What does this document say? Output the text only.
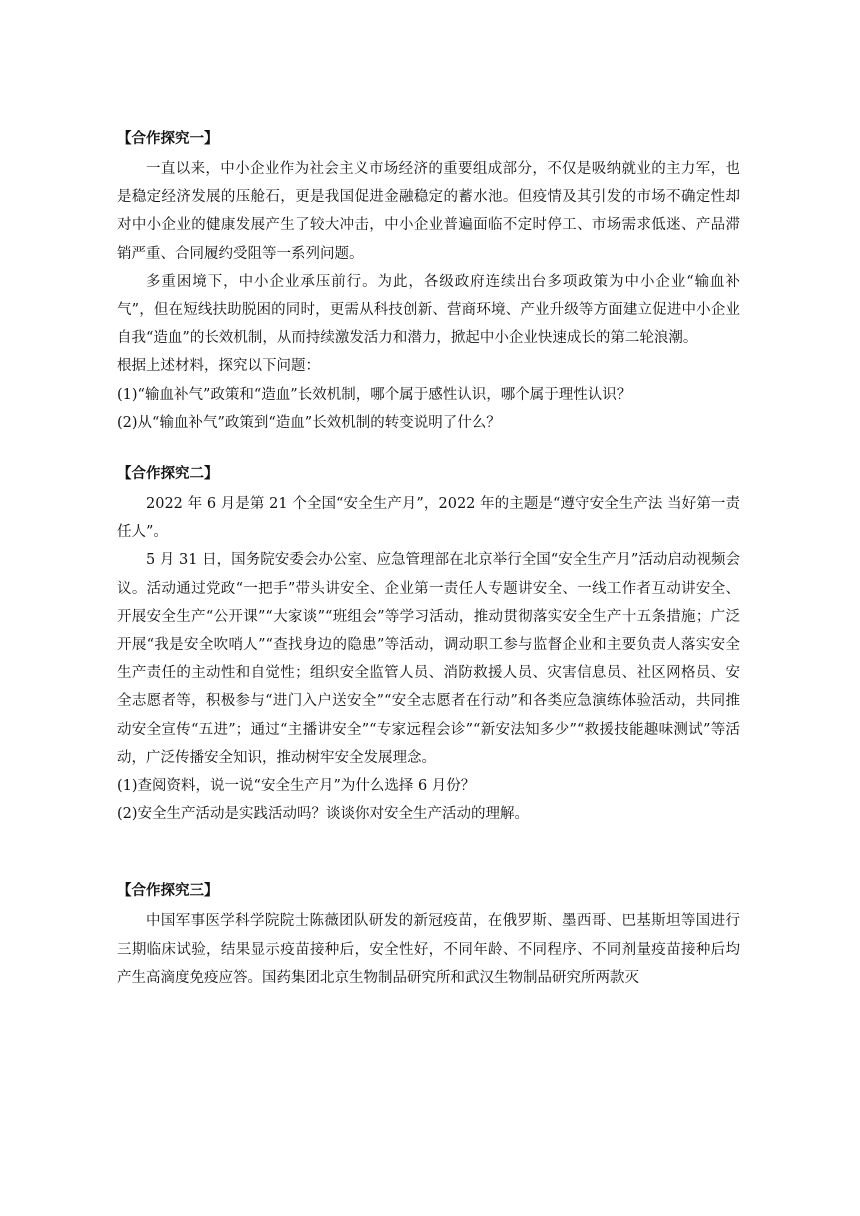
【合作探究一】

一直以来，中小企业作为社会主义市场经济的重要组成部分，不仅是吸纳就业的主力军，也是稳定经济发展的压舱石，更是我国促进金融稳定的蓄水池。但疫情及其引发的市场不确定性却对中小企业的健康发展产生了较大冲击，中小企业普遍面临不定时停工、市场需求低迷、产品滞销严重、合同履约受阻等一系列问题。

多重困境下，中小企业承压前行。为此，各级政府连续出台多项政策为中小企业“输血补气”，但在短线扶助脱困的同时，更需从科技创新、营商环境、产业升级等方面建立促进中小企业自我“造血”的长效机制，从而持续激发活力和潜力，掀起中小企业快速成长的第二轮浪潮。

根据上述材料，探究以下问题：

(1)“输血补气”政策和“造血”长效机制，哪个属于感性认识，哪个属于理性认识？

(2)从“输血补气”政策到“造血”长效机制的转变说明了什么？

【合作探究二】

2022 年 6 月是第 21 个全国“安全生产月”，2022 年的主题是“遵守安全生产法 当好第一责任人”。

5 月 31 日，国务院安委会办公室、应急管理部在北京举行全国“安全生产月”活动启动视频会议。活动通过党政“一把手”带头讲安全、企业第一责任人专题讲安全、一线工作者互动讲安全、开展安全生产“公开课”“大家谈”“班组会”等学习活动，推动贯彻落实安全生产十五条措施；广泛开展“我是安全吹哨人”“查找身边的隐患”等活动，调动职工参与监督企业和主要负责人落实安全生产责任的主动性和自觉性；组织安全监管人员、消防救援人员、灾害信息员、社区网格员、安全志愿者等，积极参与“进门入户送安全”“安全志愿者在行动”和各类应急演练体验活动，共同推动安全宣传“五进”；通过“主播讲安全”“专家远程会诊”“新安法知多少”“救援技能趣味测试”等活动，广泛传播安全知识，推动树牢安全发展理念。

(1)查阅资料，说一说“安全生产月”为什么选择 6 月份？

(2)安全生产活动是实践活动吗？谈谈你对安全生产活动的理解。

【合作探究三】

中国军事医学科学院院士陈薇团队研发的新冠疫苗，在俄罗斯、墨西哥、巴基斯坦等国进行三期临床试验，结果显示疫苗接种后，安全性好，不同年龄、不同程序、不同剂量疫苗接种后均产生高滴度免疫应答。国药集团北京生物制品研究所和武汉生物制品研究所两款灭
